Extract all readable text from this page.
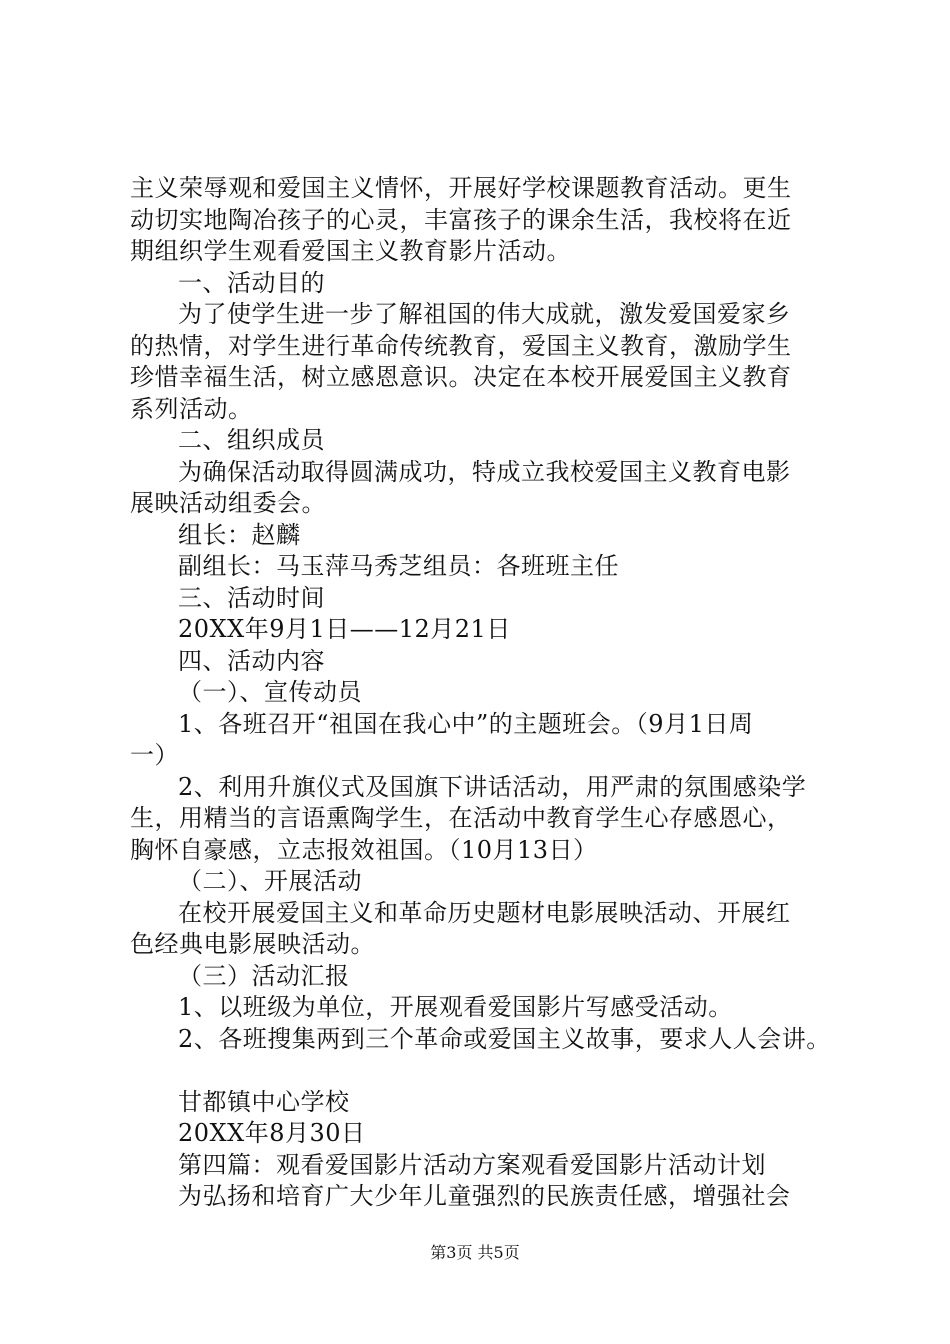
主义荣辱观和爱国主义情怀，开展好学校课题教育活动。更生
动切实地陶冶孩子的心灵，丰富孩子的课余生活，我校将在近
期组织学生观看爱国主义教育影片活动。
一、活动目的
为了使学生进一步了解祖国的伟大成就，激发爱国爱家乡
的热情，对学生进行革命传统教育，爱国主义教育，激励学生
珍惜幸福生活，树立感恩意识。决定在本校开展爱国主义教育
系列活动。
二、组织成员
为确保活动取得圆满成功，特成立我校爱国主义教育电影
展映活动组委会。
组长：赵麟
副组长：马玉萍马秀芝组员：各班班主任
三、活动时间
20XX年9月1日——12月21日
四、活动内容
（一）、宣传动员
1、各班召开“祖国在我心中”的主题班会。（9月1日周
一）
2、利用升旗仪式及国旗下讲话活动，用严肃的氛围感染学
生，用精当的言语熏陶学生，在活动中教育学生心存感恩心，
胸怀自豪感，立志报效祖国。（10月13日）
（二）、开展活动
在校开展爱国主义和革命历史题材电影展映活动、开展红
色经典电影展映活动。
（三）活动汇报
1、以班级为单位，开展观看爱国影片写感受活动。
2、各班搜集两到三个革命或爱国主义故事，要求人人会讲。
甘都镇中心学校
20XX年8月30日
第四篇：观看爱国影片活动方案观看爱国影片活动计划
为弘扬和培育广大少年儿童强烈的民族责任感，增强社会
第3页 共5页
